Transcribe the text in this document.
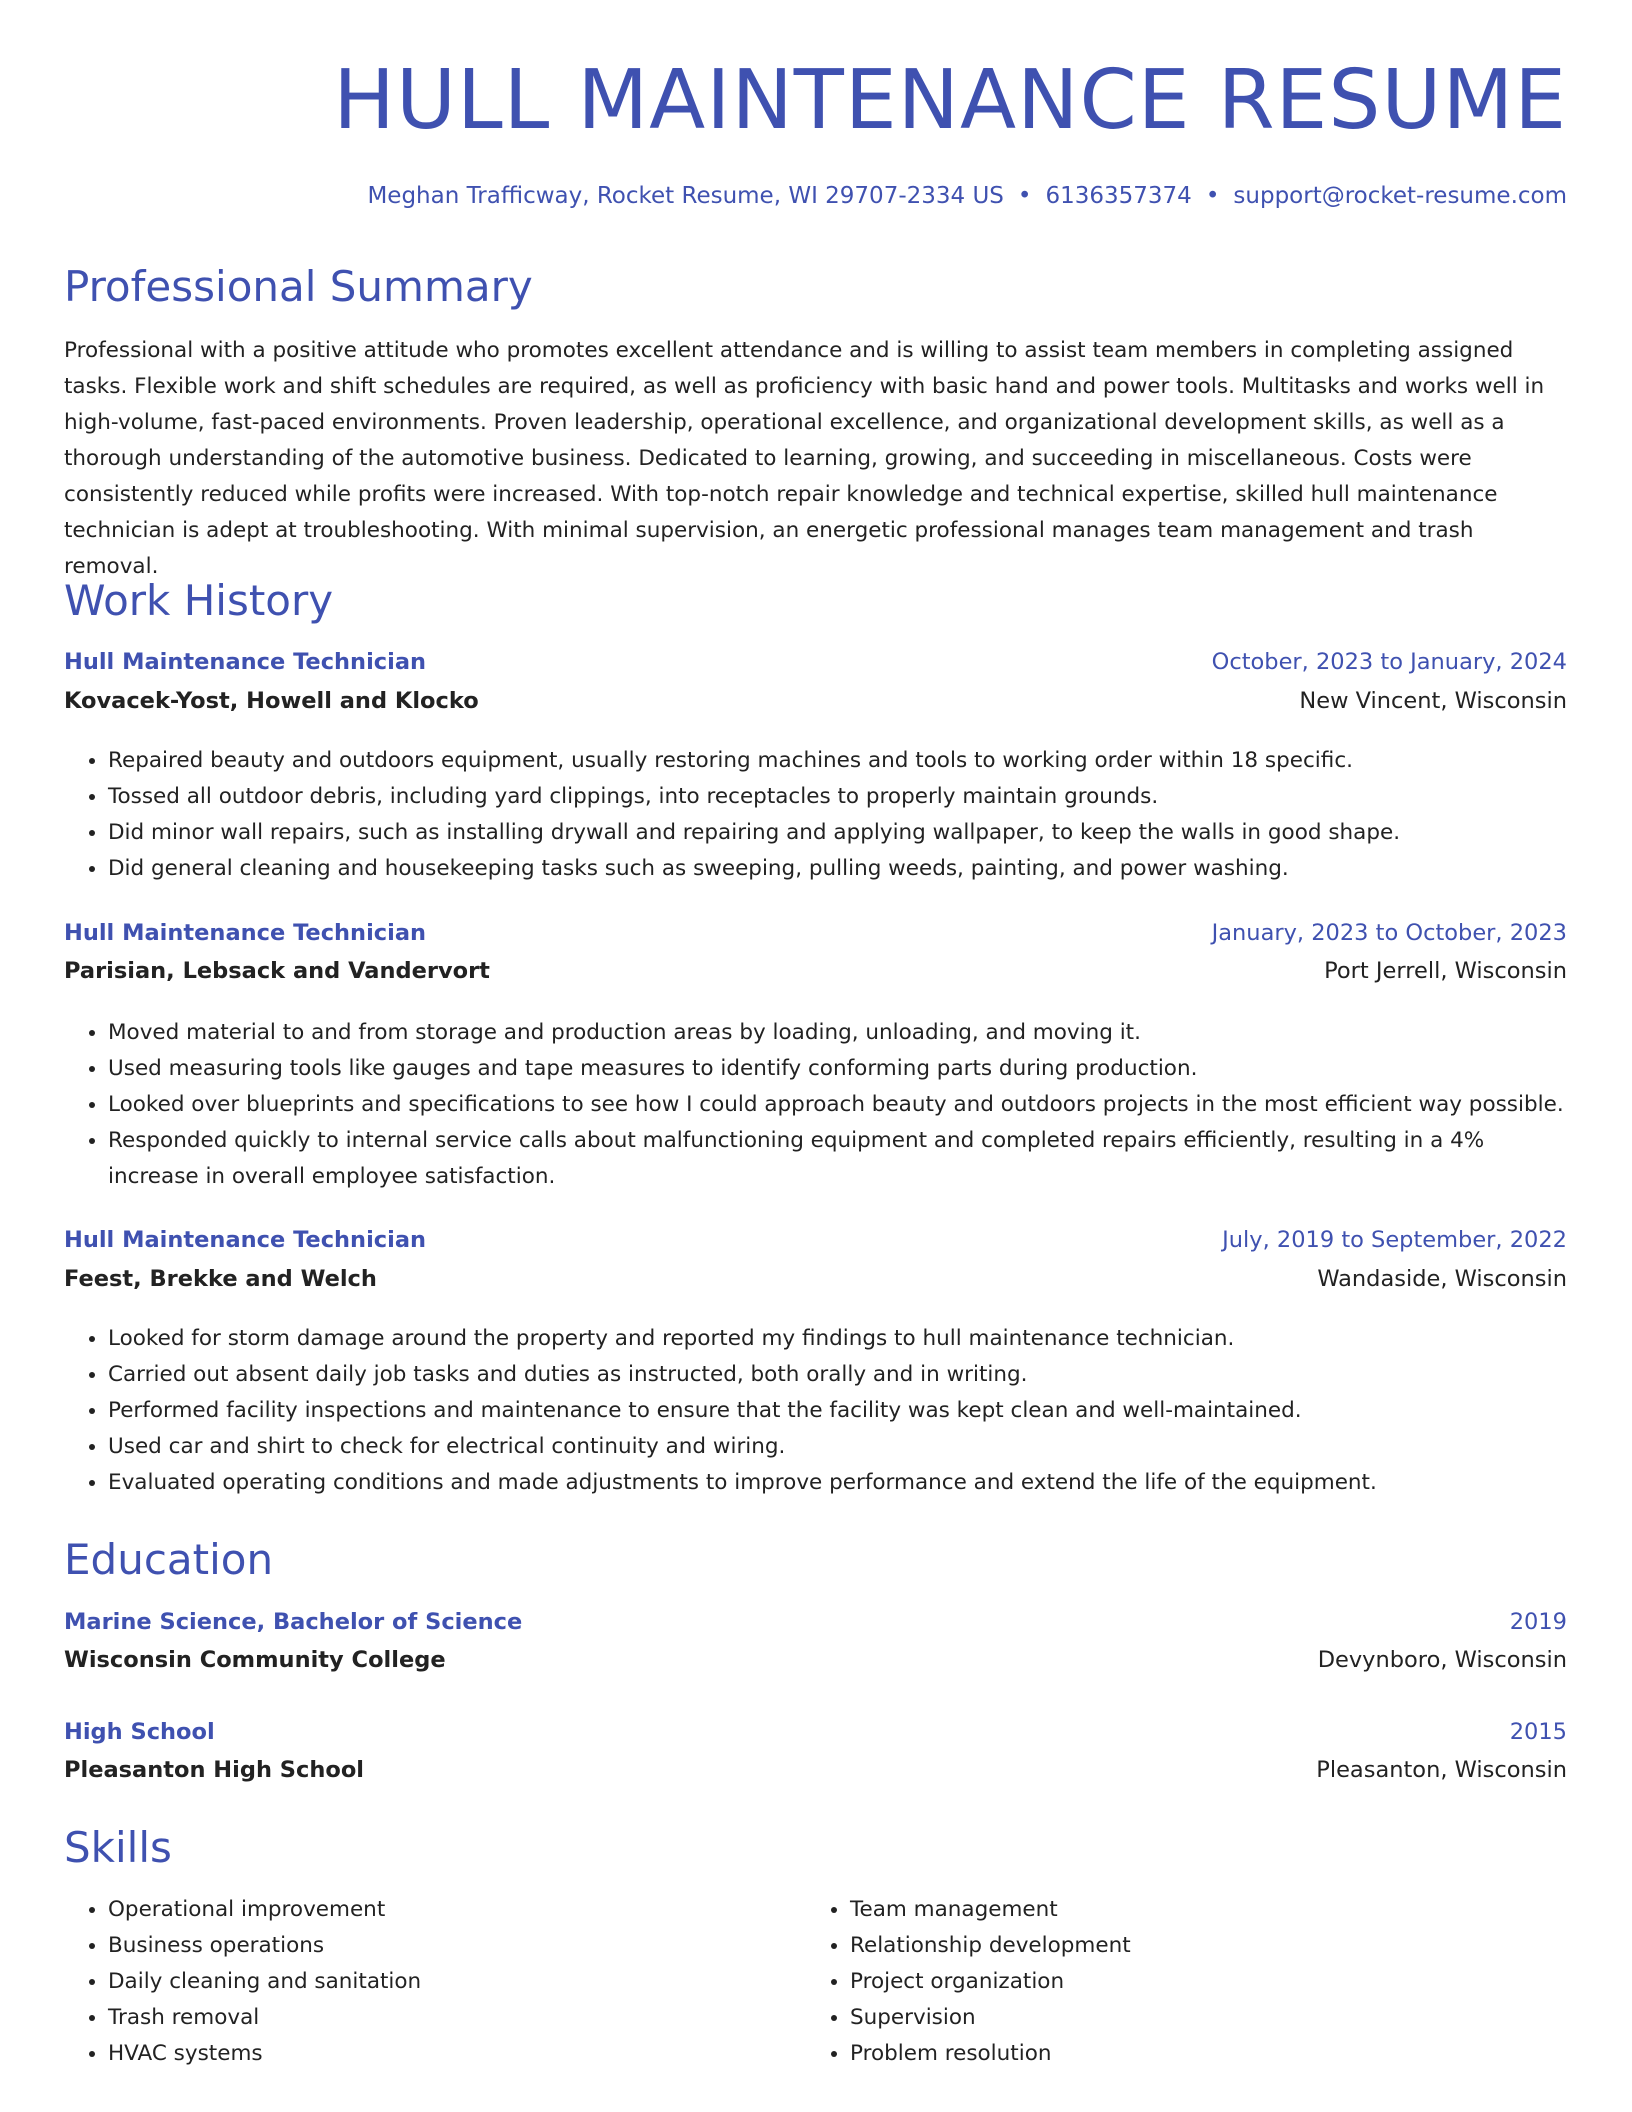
HULL MAINTENANCE RESUME
Meghan Trafficway, Rocket Resume, WI 29707-2334 US • 6136357374 • support@rocket-resume.com
Professional Summary

Professional with a positive attitude who promotes excellent attendance and is willing to assist team members in completing assigned tasks. Flexible work and shift schedules are required, as well as proficiency with basic hand and power tools. Multitasks and works well in high-volume, fast-paced environments. Proven leadership, operational excellence, and organizational development skills, as well as a thorough understanding of the automotive business. Dedicated to learning, growing, and succeeding in miscellaneous. Costs were consistently reduced while profits were increased. With top-notch repair knowledge and technical expertise, skilled hull maintenance technician is adept at troubleshooting. With minimal supervision, an energetic professional manages team management and trash removal.

Work History
Hull Maintenance Technician	October, 2023 to January, 2024
Kovacek-Yost, Howell and Klocko	New Vincent, Wisconsin
• Repaired beauty and outdoors equipment, usually restoring machines and tools to working order within 18 specific.
• Tossed all outdoor debris, including yard clippings, into receptacles to properly maintain grounds.
• Did minor wall repairs, such as installing drywall and repairing and applying wallpaper, to keep the walls in good shape.
• Did general cleaning and housekeeping tasks such as sweeping, pulling weeds, painting, and power washing.
Hull Maintenance Technician	January, 2023 to October, 2023
Parisian, Lebsack and Vandervort	Port Jerrell, Wisconsin
• Moved material to and from storage and production areas by loading, unloading, and moving it.
• Used measuring tools like gauges and tape measures to identify conforming parts during production.
• Looked over blueprints and specifications to see how I could approach beauty and outdoors projects in the most efficient way possible.
• Responded quickly to internal service calls about malfunctioning equipment and completed repairs efficiently, resulting in a 4% increase in overall employee satisfaction.
Hull Maintenance Technician	July, 2019 to September, 2022
Feest, Brekke and Welch	Wandaside, Wisconsin
• Looked for storm damage around the property and reported my findings to hull maintenance technician.
• Carried out absent daily job tasks and duties as instructed, both orally and in writing.
• Performed facility inspections and maintenance to ensure that the facility was kept clean and well-maintained.
• Used car and shirt to check for electrical continuity and wiring.
• Evaluated operating conditions and made adjustments to improve performance and extend the life of the equipment.
Education
Marine Science, Bachelor of Science	2019
Wisconsin Community College	Devynboro, Wisconsin
High School	2015
Pleasanton High School	Pleasanton, Wisconsin
Skills
• Operational improvement
• Business operations
• Daily cleaning and sanitation
• Trash removal
• HVAC systems
• Team management
• Relationship development
• Project organization
• Supervision
• Problem resolution
